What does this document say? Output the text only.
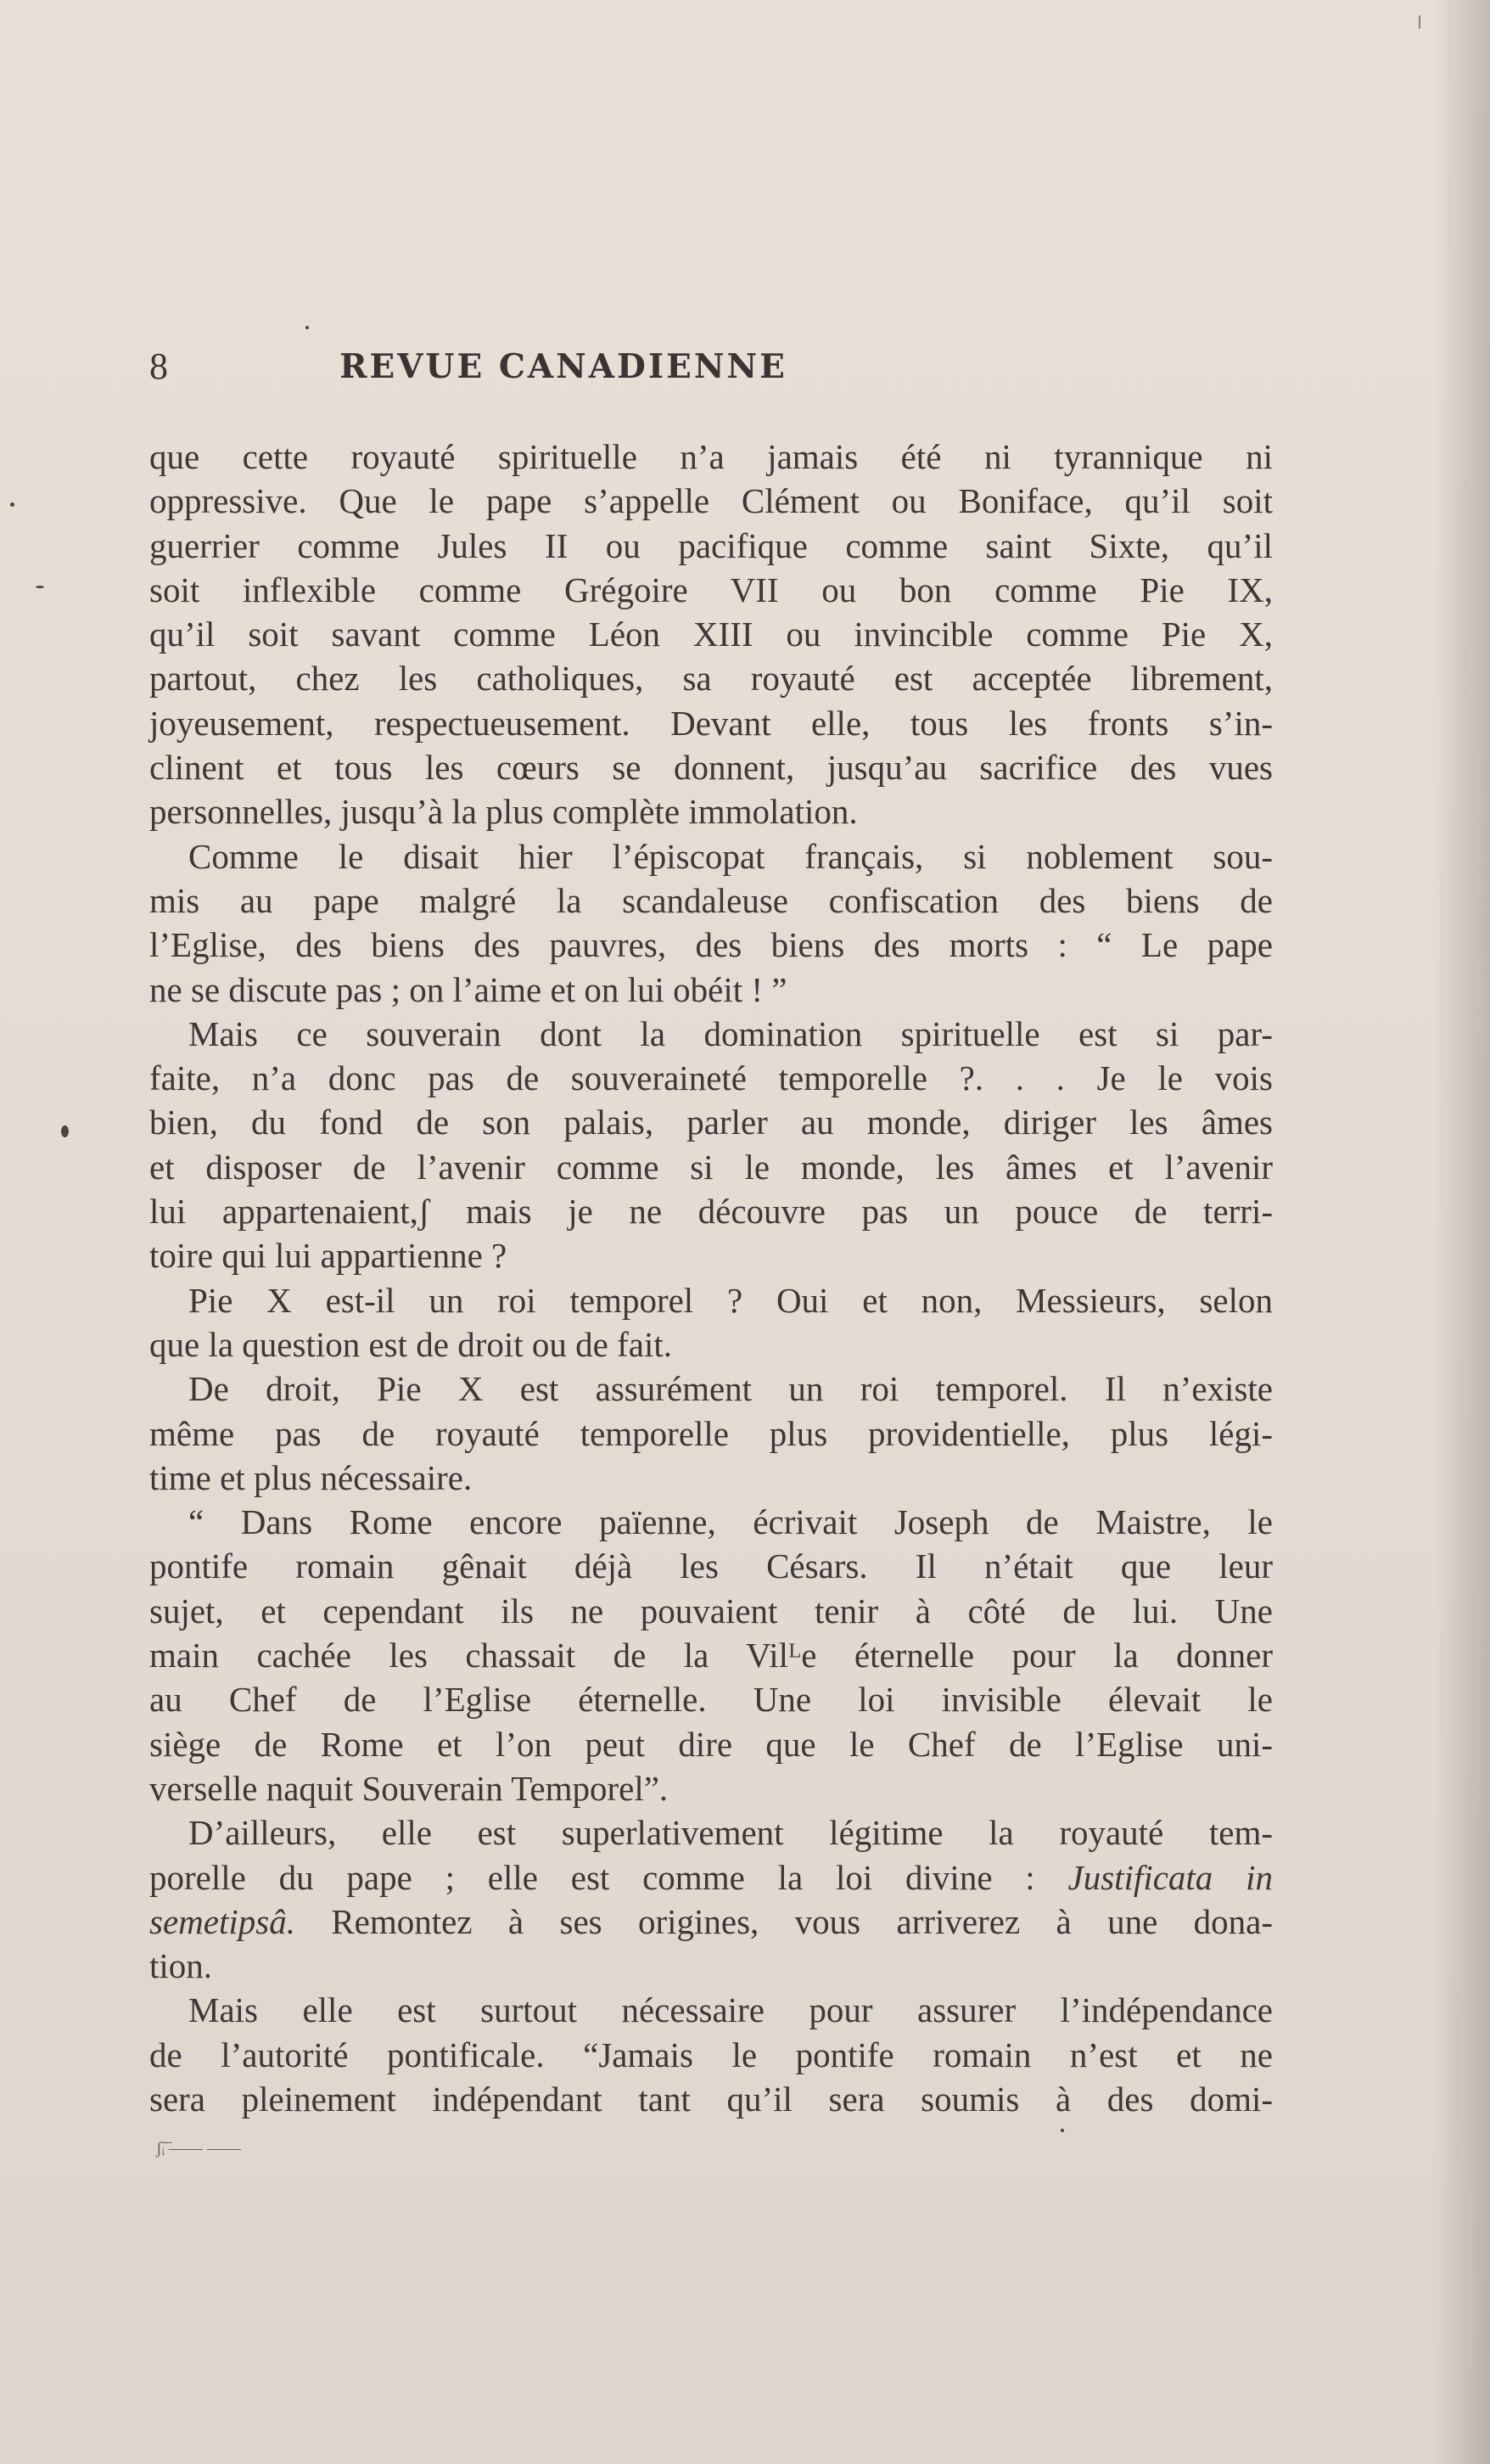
8	REVUE CANADIENNE
que cette royauté spirituelle n’a jamais été ni tyrannique ni
oppressive. Que le pape s’appelle Clément ou Boniface, qu’il soit
guerrier comme Jules II ou pacifique comme saint Sixte, qu’il
soit inflexible comme Grégoire VII ou bon comme Pie IX,
qu’il soit savant comme Léon XIII ou invincible comme Pie X,
partout, chez les catholiques, sa royauté est acceptée librement,
joyeusement, respectueusement. Devant elle, tous les fronts s’in-
clinent et tous les cœurs se donnent, jusqu’au sacrifice des vues
personnelles, jusqu’à la plus complète immolation.
Comme le disait hier l’épiscopat français, si noblement sou-
mis au pape malgré la scandaleuse confiscation des biens de
l’Eglise, des biens des pauvres, des biens des morts : “ Le pape
ne se discute pas ; on l’aime et on lui obéit ! ”
Mais ce souverain dont la domination spirituelle est si par-
faite, n’a donc pas de souveraineté temporelle ?. . . Je le vois
bien, du fond de son palais, parler au monde, diriger les âmes
et disposer de l’avenir comme si le monde, les âmes et l’avenir
lui appartenaient,ʃ mais je ne découvre pas un pouce de terri-
toire qui lui appartienne ?
Pie X est-il un roi temporel ? Oui et non, Messieurs, selon
que la question est de droit ou de fait.
De droit, Pie X est assurément un roi temporel. Il n’existe
même pas de royauté temporelle plus providentielle, plus légi-
time et plus nécessaire.
“ Dans Rome encore païenne, écrivait Joseph de Maistre, le
pontife romain gênait déjà les Césars. Il n’était que leur
sujet, et cependant ils ne pouvaient tenir à côté de lui. Une
main cachée les chassait de la Vilᴸe éternelle pour la donner
au Chef de l’Eglise éternelle. Une loi invisible élevait le
siège de Rome et l’on peut dire que le Chef de l’Eglise uni-
verselle naquit Souverain Temporel”.
D’ailleurs, elle est superlativement légitime la royauté tem-
porelle du pape ; elle est comme la loi divine : Justificata in
semetipsâ. Remontez à ses origines, vous arriverez à une dona-
tion.
Mais elle est surtout nécessaire pour assurer l’indépendance
de l’autorité pontificale. “Jamais le pontife romain n’est et ne
sera pleinement indépendant tant qu’il sera soumis à des domi-
ʃ͞ᵢ —— ——
